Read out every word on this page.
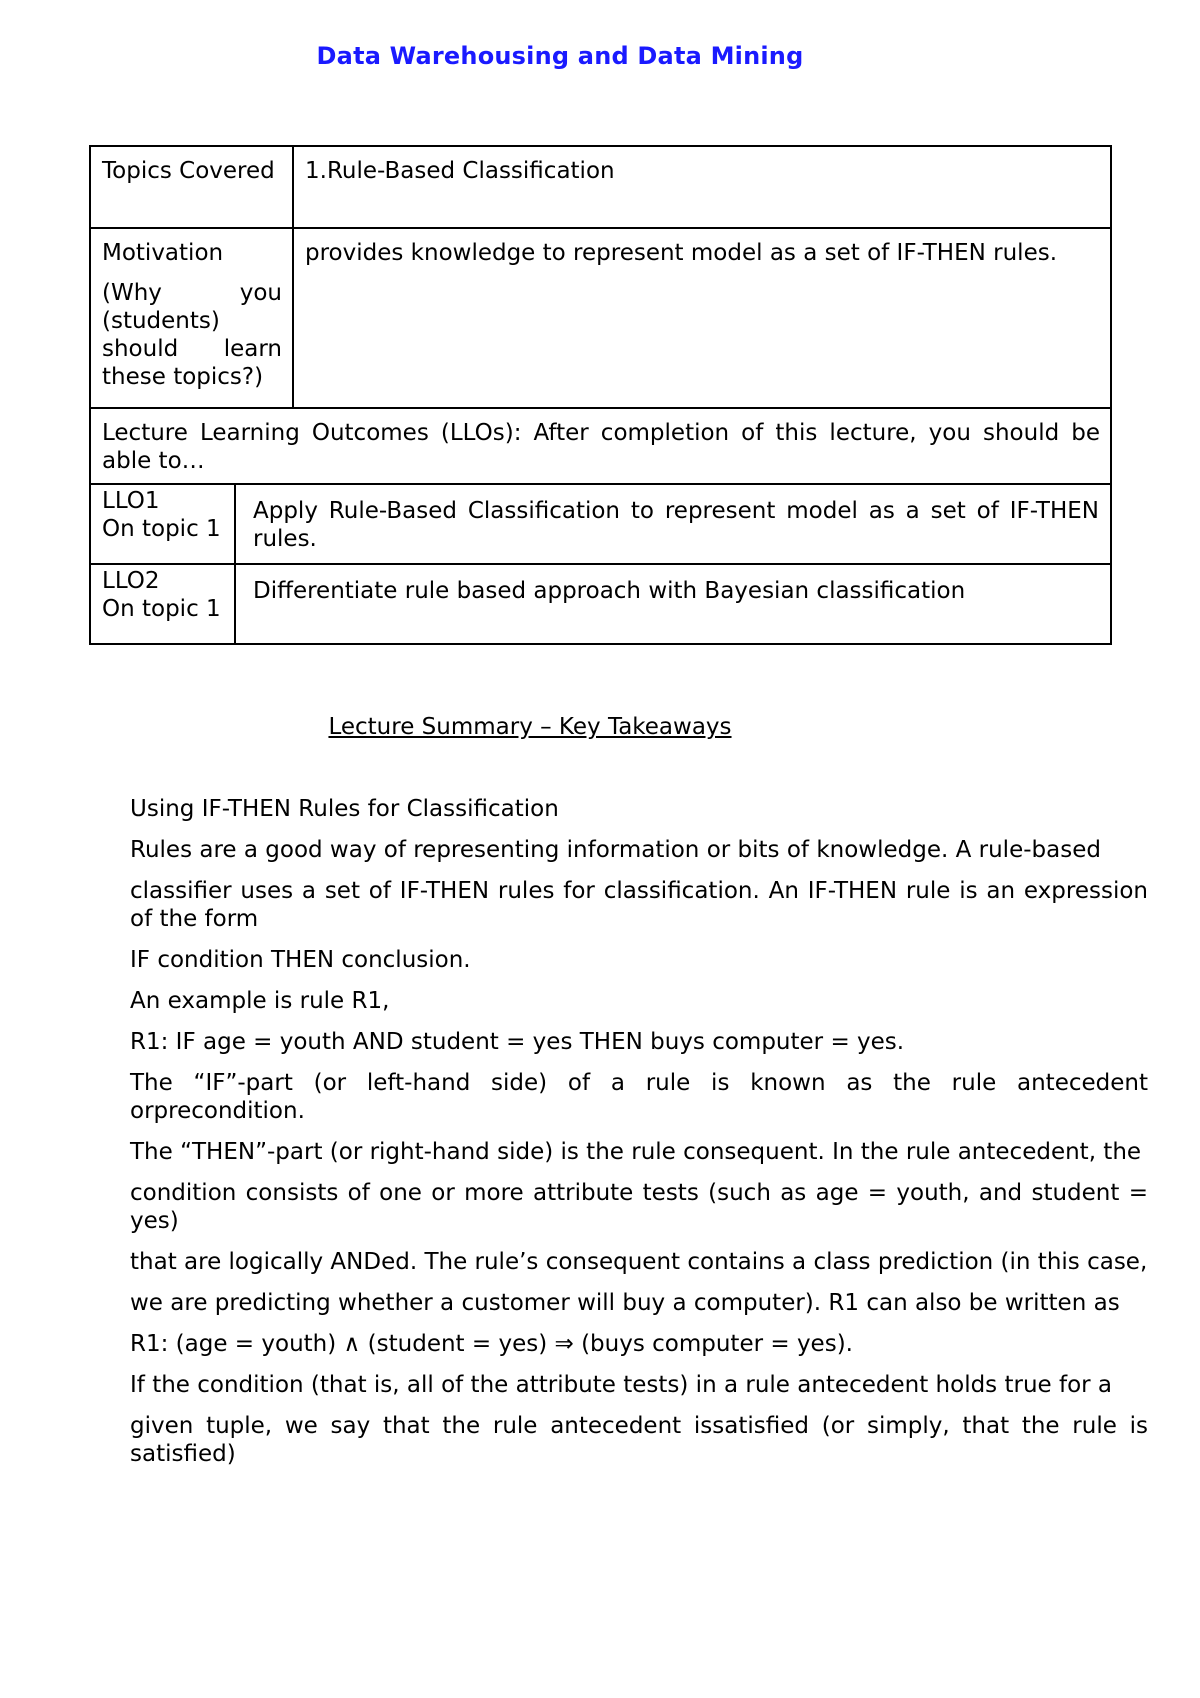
Data Warehousing and Data Mining
Topics Covered	1.Rule-Based Classification

Motivation
(Why you (students) should learn these topics?)
	provides knowledge to represent model as a set of IF-THEN rules.
Lecture Learning Outcomes (LLOs): After completion of this lecture, you should be able to…

LLO1
On topic 1
	Apply Rule-Based Classification to represent model as a set of IF-THEN rules.

LLO2
On topic 1
	Differentiate rule based approach with Bayesian classification
Lecture Summary – Key Takeaways

Using IF-THEN Rules for Classification

Rules are a good way of representing information or bits of knowledge. A rule-based

classifier uses a set of IF-THEN rules for classification. An IF-THEN rule is an expression of the form

IF condition THEN conclusion.

An example is rule R1,

R1: IF age = youth AND student = yes THEN buys computer = yes.

The “IF”-part (or left-hand side) of a rule is known as the rule antecedent orprecondition.

The “THEN”-part (or right-hand side) is the rule consequent. In the rule antecedent, the

condition consists of one or more attribute tests (such as age = youth, and student = yes)

that are logically ANDed. The rule’s consequent contains a class prediction (in this case,

we are predicting whether a customer will buy a computer). R1 can also be written as

R1: (age = youth) ∧ (student = yes) ⇒ (buys computer = yes).

If the condition (that is, all of the attribute tests) in a rule antecedent holds true for a

given tuple, we say that the rule antecedent issatisfied (or simply, that the rule is satisfied)
